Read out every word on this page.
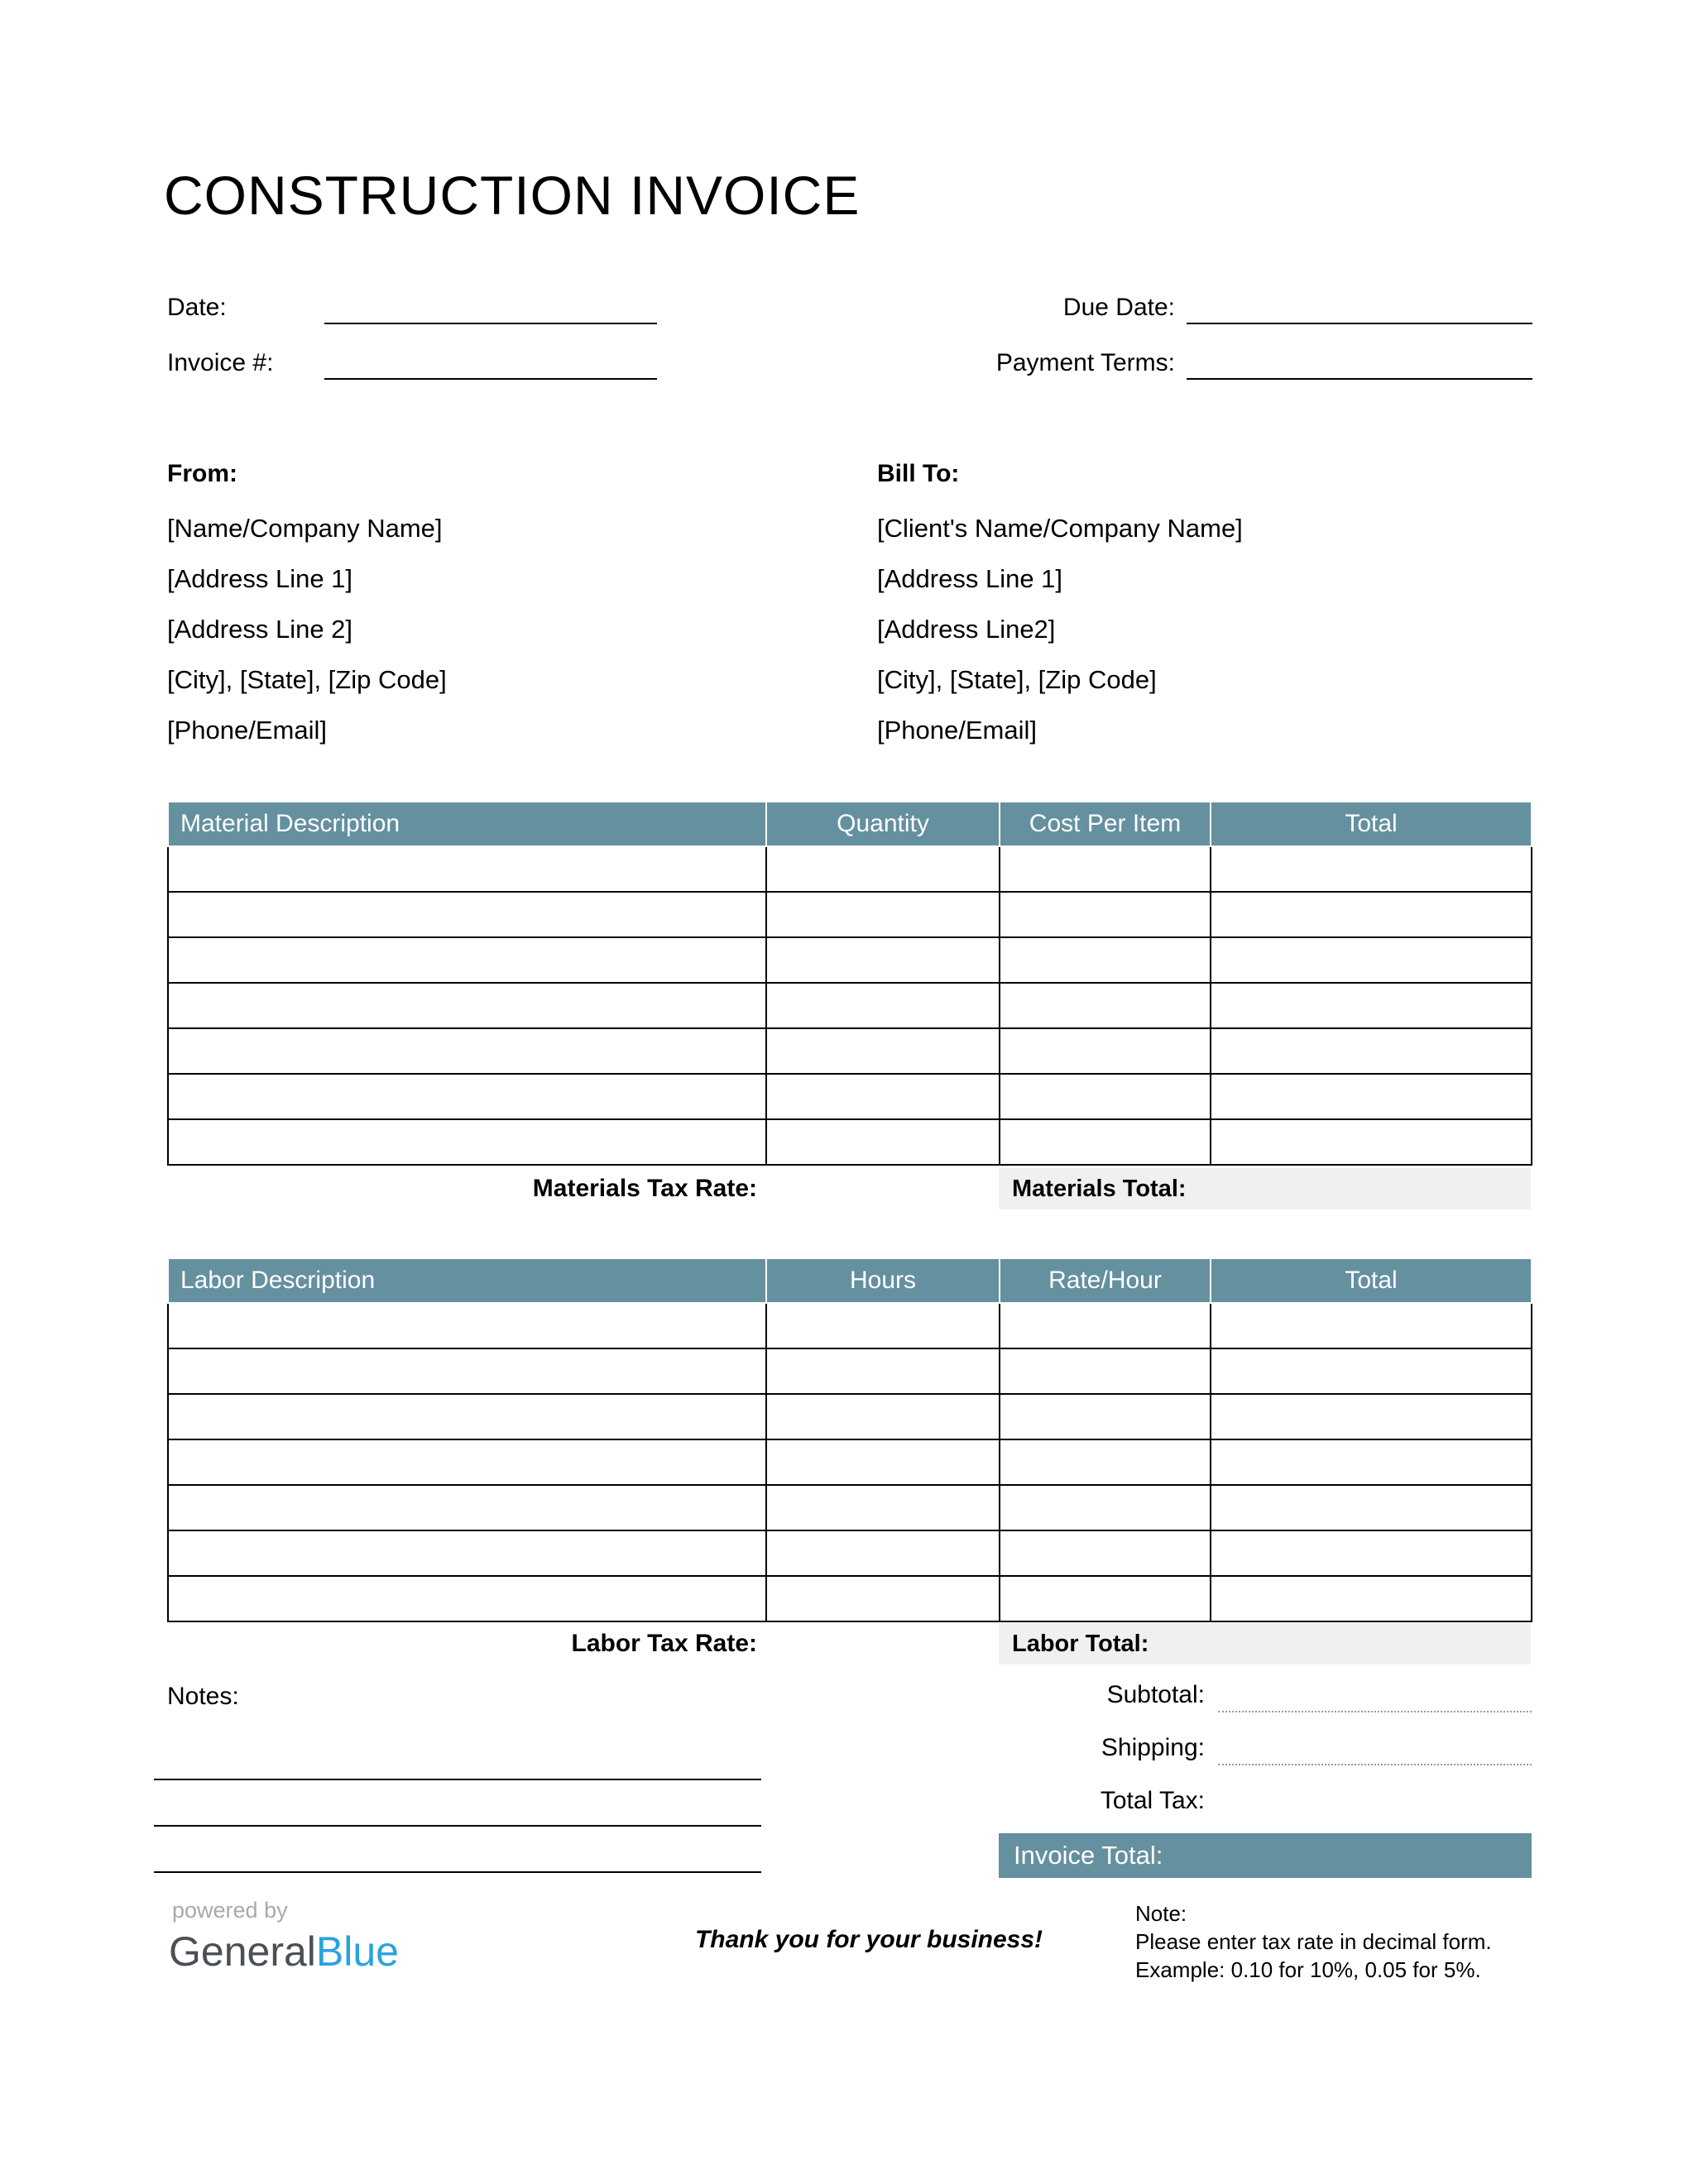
CONSTRUCTION INVOICE
Date:
Invoice #:
Due Date:
Payment Terms:
From:
[Name/Company Name]
[Address Line 1]
[Address Line 2]
[City], [State], [Zip Code]
[Phone/Email]
Bill To:
[Client's Name/Company Name]
[Address Line 1]
[Address Line2]
[City], [State], [Zip Code]
[Phone/Email]
Material Description	Quantity	Cost Per Item	Total

Materials Tax Rate:	Materials Total:
Labor Description	Hours	Rate/Hour	Total

Labor Tax Rate:	Labor Total:
Notes:	Subtotal:
Shipping:
Total Tax:
Invoice Total:
powered by
GeneralBlue	Thank you for your business!
Note:
Please enter tax rate in decimal form.
Example: 0.10 for 10%, 0.05 for 5%.
